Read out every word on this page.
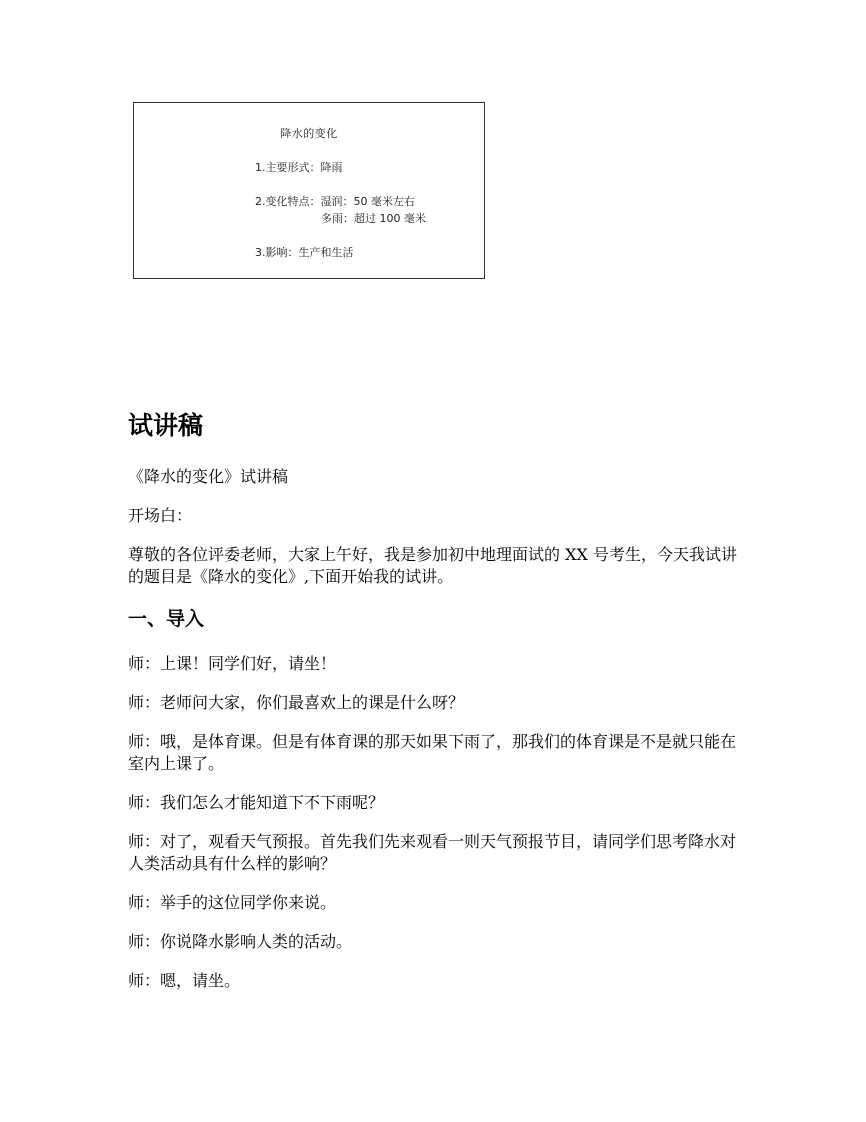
降水的变化
1.主要形式：降雨
2.变化特点：湿润：50 毫米左右
多雨：超过 100 毫米
3.影响：生产和生活
试讲稿

《降水的变化》试讲稿

开场白：

尊敬的各位评委老师，大家上午好，我是参加初中地理面试的 XX 号考生，今天我试讲的题目是《降水的变化》,下面开始我的试讲。

一、导入

师：上课！同学们好，请坐！

师：老师问大家，你们最喜欢上的课是什么呀？

师：哦，是体育课。但是有体育课的那天如果下雨了，那我们的体育课是不是就只能在室内上课了。

师：我们怎么才能知道下不下雨呢？

师：对了，观看天气预报。首先我们先来观看一则天气预报节目，请同学们思考降水对人类活动具有什么样的影响？

师：举手的这位同学你来说。

师：你说降水影响人类的活动。

师：嗯，请坐。
